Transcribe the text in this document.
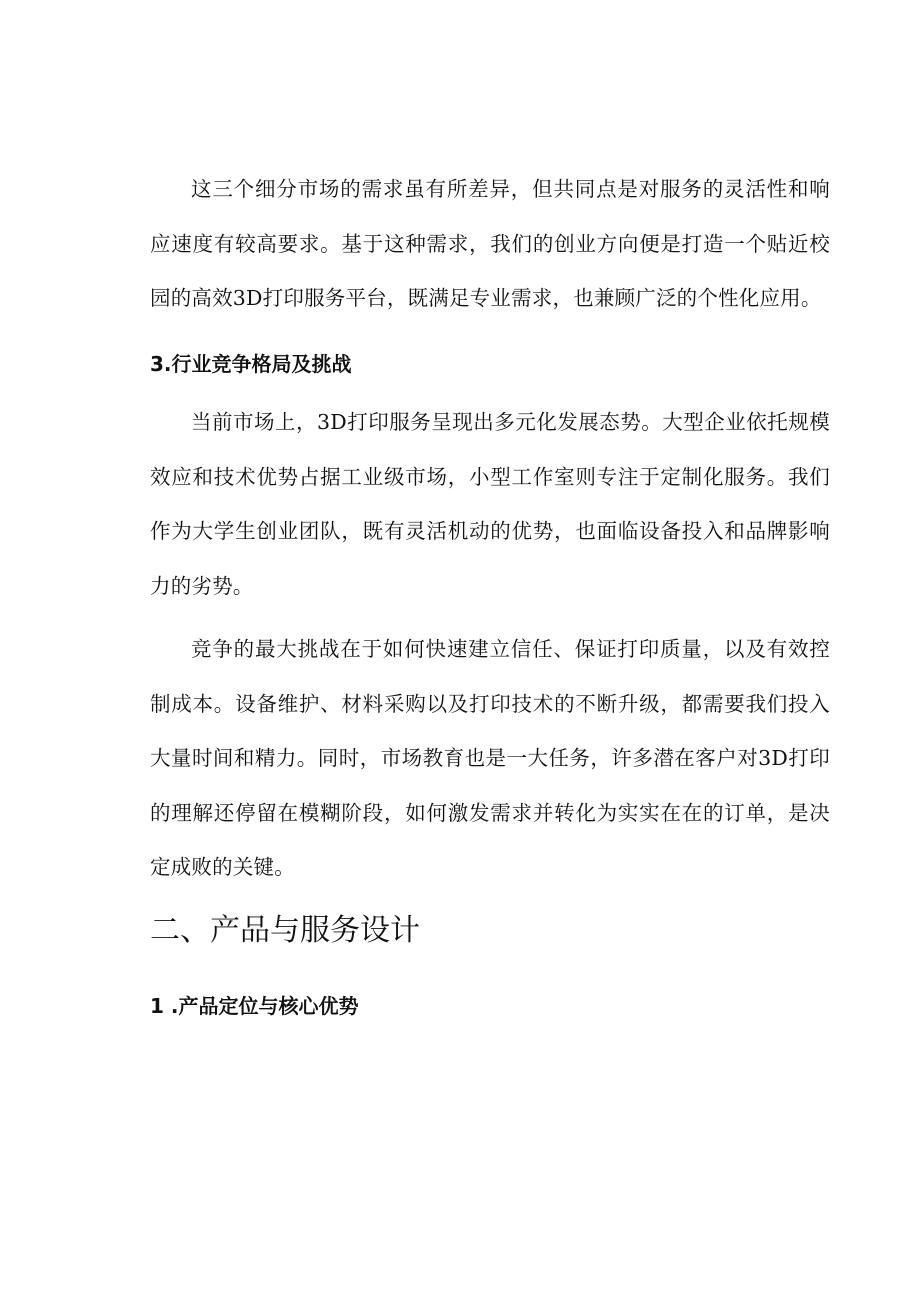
这三个细分市场的需求虽有所差异，但共同点是对服务的灵活性和响应速度有较高要求。基于这种需求，我们的创业方向便是打造一个贴近校园的高效3D打印服务平台，既满足专业需求，也兼顾广泛的个性化应用。

3.行业竞争格局及挑战

当前市场上，3D打印服务呈现出多元化发展态势。大型企业依托规模效应和技术优势占据工业级市场，小型工作室则专注于定制化服务。我们作为大学生创业团队，既有灵活机动的优势，也面临设备投入和品牌影响力的劣势。

竞争的最大挑战在于如何快速建立信任、保证打印质量，以及有效控制成本。设备维护、材料采购以及打印技术的不断升级，都需要我们投入大量时间和精力。同时，市场教育也是一大任务，许多潜在客户对3D打印的理解还停留在模糊阶段，如何激发需求并转化为实实在在的订单，是决定成败的关键。

二、产品与服务设计
1 .产品定位与核心优势
